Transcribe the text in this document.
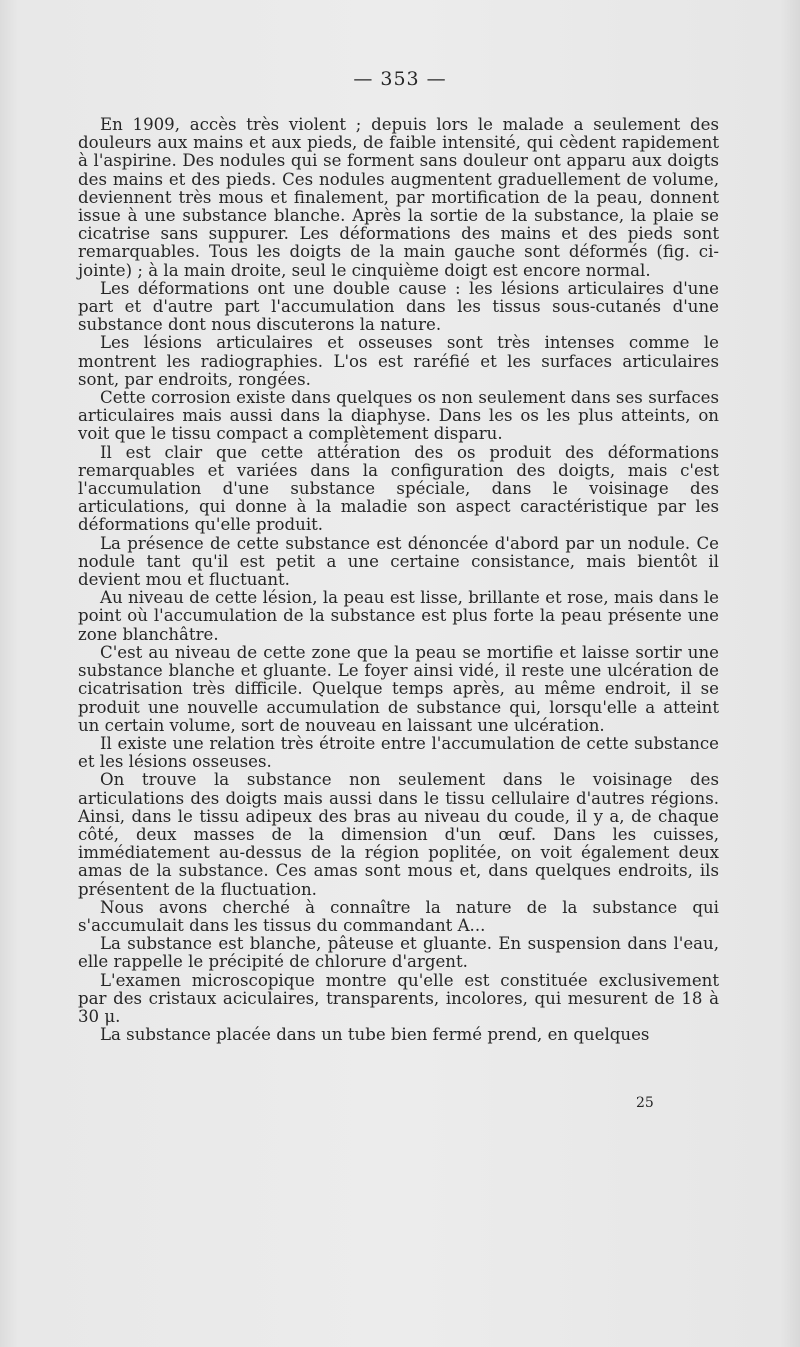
— 353 —

En 1909, accès très violent ; depuis lors le malade a seulement des douleurs aux mains et aux pieds, de faible intensité, qui cèdent rapidement à l'aspirine. Des nodules qui se forment sans douleur ont apparu aux doigts des mains et des pieds. Ces nodules augmentent graduellement de volume, deviennent très mous et finalement, par mortification de la peau, donnent issue à une substance blanche. Après la sortie de la substance, la plaie se cicatrise sans suppurer. Les déformations des mains et des pieds sont remarquables. Tous les doigts de la main gauche sont déformés (fig. ci-jointe) ; à la main droite, seul le cinquième doigt est encore normal.

Les déformations ont une double cause : les lésions articulaires d'une part et d'autre part l'accumulation dans les tissus sous-cutanés d'une substance dont nous discuterons la nature.

Les lésions articulaires et osseuses sont très intenses comme le montrent les radiographies. L'os est raréfié et les surfaces articulaires sont, par endroits, rongées.

Cette corrosion existe dans quelques os non seulement dans ses surfaces articulaires mais aussi dans la diaphyse. Dans les os les plus atteints, on voit que le tissu compact a complètement disparu.

Il est clair que cette attération des os produit des déformations remarquables et variées dans la configuration des doigts, mais c'est l'accumulation d'une substance spéciale, dans le voisinage des articulations, qui donne à la maladie son aspect caractéristique par les déformations qu'elle produit.

La présence de cette substance est dénoncée d'abord par un nodule. Ce nodule tant qu'il est petit a une certaine consistance, mais bientôt il devient mou et fluctuant.

Au niveau de cette lésion, la peau est lisse, brillante et rose, mais dans le point où l'accumulation de la substance est plus forte la peau présente une zone blanchâtre.

C'est au niveau de cette zone que la peau se mortifie et laisse sortir une substance blanche et gluante. Le foyer ainsi vidé, il reste une ulcération de cicatrisation très difficile. Quelque temps après, au même endroit, il se produit une nouvelle accumulation de substance qui, lorsqu'elle a atteint un certain volume, sort de nouveau en laissant une ulcération.

Il existe une relation très étroite entre l'accumulation de cette substance et les lésions osseuses.

On trouve la substance non seulement dans le voisinage des articulations des doigts mais aussi dans le tissu cellulaire d'autres régions. Ainsi, dans le tissu adipeux des bras au niveau du coude, il y a, de chaque côté, deux masses de la dimension d'un œuf. Dans les cuisses, immédiatement au-dessus de la région poplitée, on voit également deux amas de la substance. Ces amas sont mous et, dans quelques endroits, ils présentent de la fluctuation.

Nous avons cherché à connaître la nature de la substance qui s'accumulait dans les tissus du commandant A...

La substance est blanche, pâteuse et gluante. En suspension dans l'eau, elle rappelle le précipité de chlorure d'argent.

L'examen microscopique montre qu'elle est constituée exclusivement par des cristaux aciculaires, transparents, incolores, qui mesurent de 18 à 30 μ.

La substance placée dans un tube bien fermé prend, en quelques

25
